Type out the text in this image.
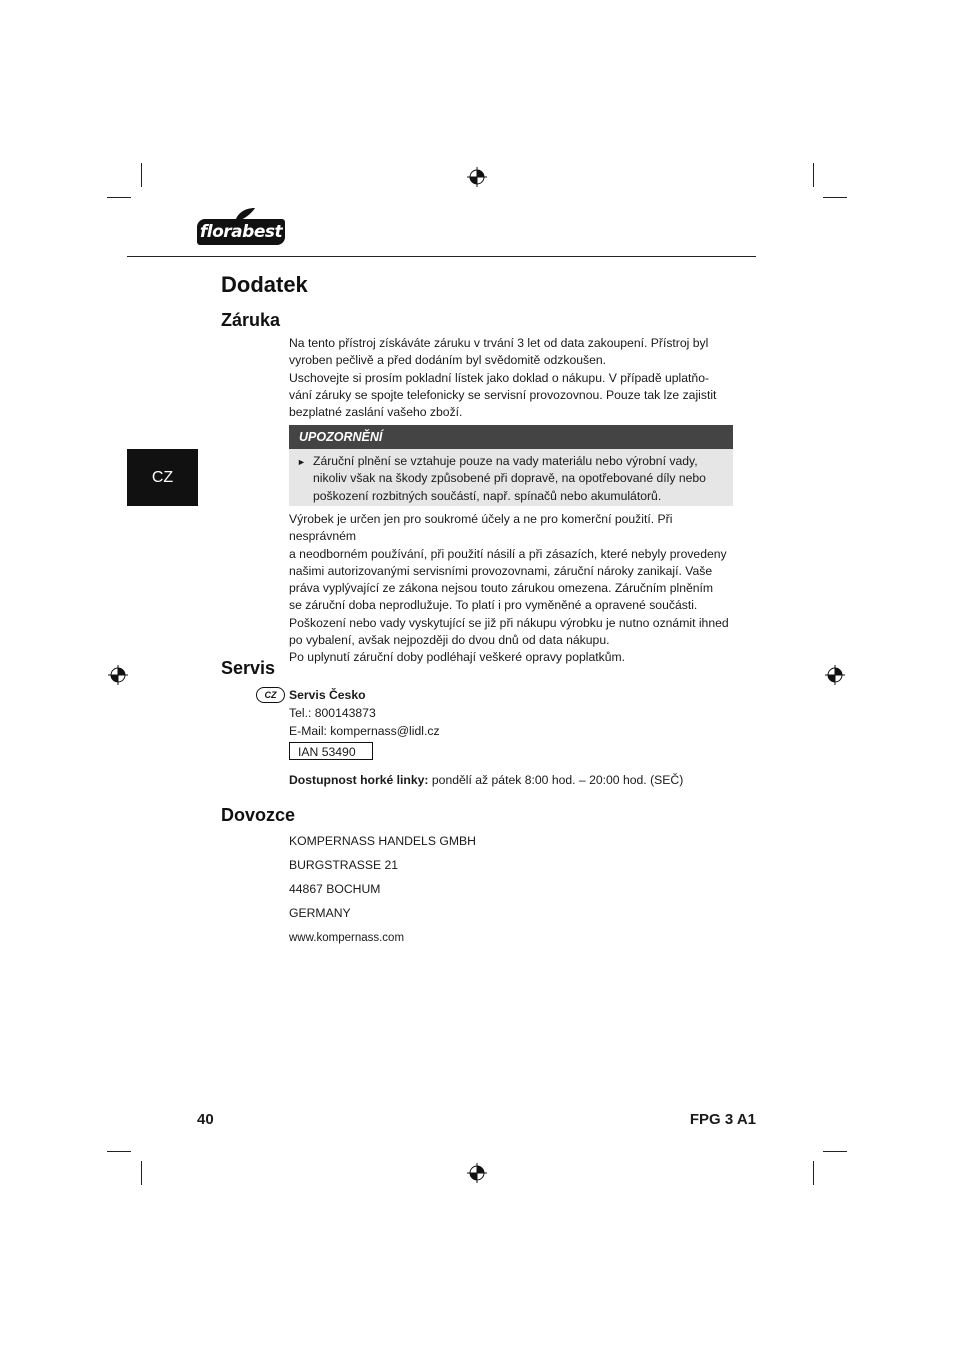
florabest
CZ
Dodatek
Záruka

Na tento přístroj získáváte záruku v trvání 3 let od data zakoupení. Přístroj byl

vyroben pečlivě a před dodáním byl svědomitě odzkoušen.

Uschovejte si prosím pokladní lístek jako doklad o nákupu. V případě uplatňo-

vání záruky se spojte telefonicky se servisní provozovnou. Pouze tak lze zajistit

bezplatné zaslání vašeho zboží.

UPOZORNĚNÍ
► Záruční plnění se vztahuje pouze na vady materiálu nebo výrobní vady,
nikoliv však na škody způsobené při dopravě, na opotřebované díly nebo
poškození rozbitných součástí, např. spínačů nebo akumulátorů.

Výrobek je určen jen pro soukromé účely a ne pro komerční použití. Při nesprávném

a neodborném používání, při použití násilí a při zásazích, které nebyly provedeny

našimi autorizovanými servisními provozovnami, záruční nároky zanikají. Vaše

práva vyplývající ze zákona nejsou touto zárukou omezena. Záručním plněním

se záruční doba neprodlužuje. To platí i pro vyměněné a opravené součásti.

Poškození nebo vady vyskytující se již při nákupu výrobku je nutno oznámit ihned

po vybalení, avšak nejpozději do dvou dnů od data nákupu.

Po uplynutí záruční doby podléhají veškeré opravy poplatkům.

Servis
CZ	Servis Česko
Tel.: 800143873
E-Mail: kompernass@lidl.cz
IAN 53490
Dostupnost horké linky: pondělí až pátek 8:00 hod. – 20:00 hod. (SEČ)
Dovozce
KOMPERNASS HANDELS GMBH
BURGSTRASSE 21
44867 BOCHUM
GERMANY
www.kompernass.com
40	FPG 3 A1
